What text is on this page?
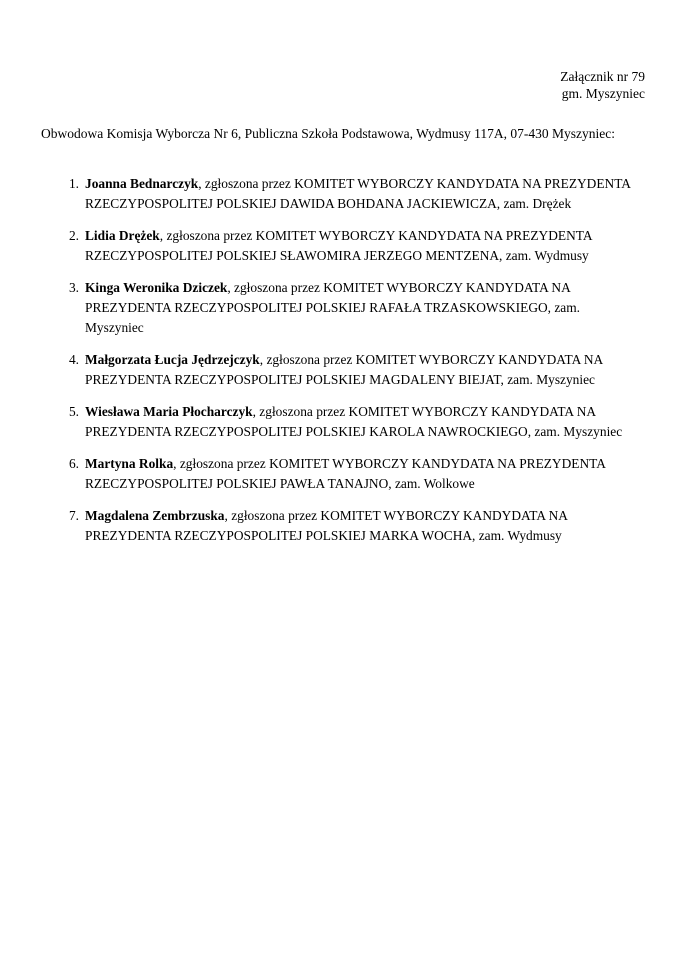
Załącznik nr 79
gm. Myszyniec
Obwodowa Komisja Wyborcza Nr 6, Publiczna Szkoła Podstawowa, Wydmusy 117A, 07-430 Myszyniec:
1. Joanna Bednarczyk, zgłoszona przez KOMITET WYBORCZY KANDYDATA NA PREZYDENTA RZECZYPOSPOLITEJ POLSKIEJ DAWIDA BOHDANA JACKIEWICZA, zam. Drężek
2. Lidia Drężek, zgłoszona przez KOMITET WYBORCZY KANDYDATA NA PREZYDENTA RZECZYPOSPOLITEJ POLSKIEJ SŁAWOMIRA JERZEGO MENTZENA, zam. Wydmusy
3. Kinga Weronika Dziczek, zgłoszona przez KOMITET WYBORCZY KANDYDATA NA PREZYDENTA RZECZYPOSPOLITEJ POLSKIEJ RAFAŁA TRZASKOWSKIEGO, zam. Myszyniec
4. Małgorzata Łucja Jędrzejczyk, zgłoszona przez KOMITET WYBORCZY KANDYDATA NA PREZYDENTA RZECZYPOSPOLITEJ POLSKIEJ MAGDALENY BIEJAT, zam. Myszyniec
5. Wiesława Maria Płocharczyk, zgłoszona przez KOMITET WYBORCZY KANDYDATA NA PREZYDENTA RZECZYPOSPOLITEJ POLSKIEJ KAROLA NAWROCKIEGO, zam. Myszyniec
6. Martyna Rolka, zgłoszona przez KOMITET WYBORCZY KANDYDATA NA PREZYDENTA RZECZYPOSPOLITEJ POLSKIEJ PAWŁA TANAJNO, zam. Wolkowe
7. Magdalena Zembrzuska, zgłoszona przez KOMITET WYBORCZY KANDYDATA NA PREZYDENTA RZECZYPOSPOLITEJ POLSKIEJ MARKA WOCHA, zam. Wydmusy
